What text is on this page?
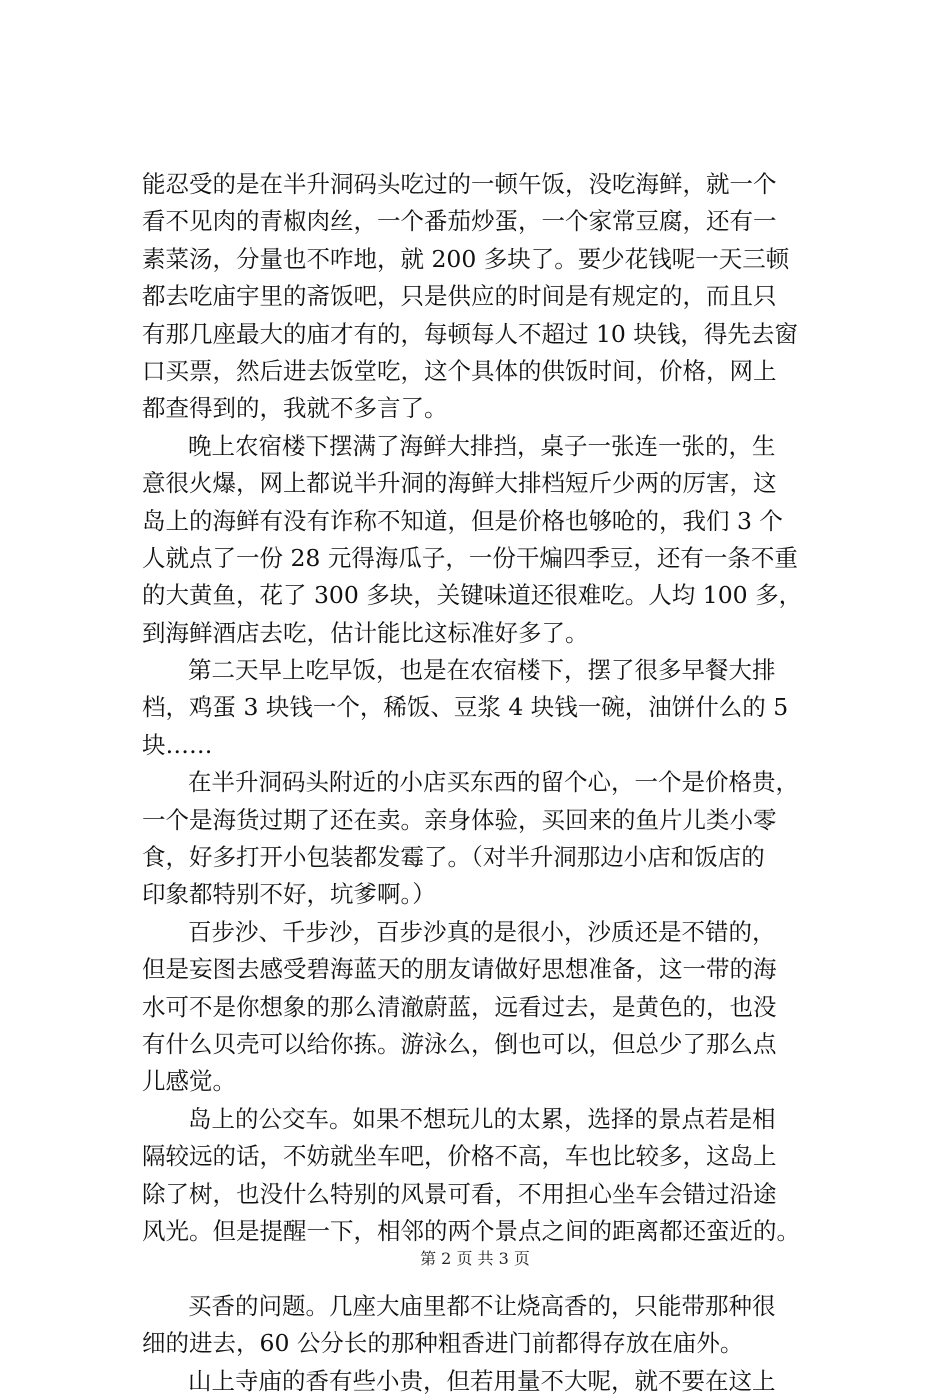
能忍受的是在半升洞码头吃过的一顿午饭，没吃海鲜，就一个
看不见肉的青椒肉丝，一个番茄炒蛋，一个家常豆腐，还有一
素菜汤，分量也不咋地，就 200 多块了。要少花钱呢一天三顿
都去吃庙宇里的斋饭吧，只是供应的时间是有规定的，而且只
有那几座最大的庙才有的，每顿每人不超过 10 块钱，得先去窗
口买票，然后进去饭堂吃，这个具体的供饭时间，价格，网上
都查得到的，我就不多言了。
晚上农宿楼下摆满了海鲜大排挡，桌子一张连一张的，生
意很火爆，网上都说半升洞的海鲜大排档短斤少两的厉害，这
岛上的海鲜有没有诈称不知道，但是价格也够呛的，我们 3 个
人就点了一份 28 元得海瓜子，一份干煸四季豆，还有一条不重
的大黄鱼，花了 300 多块，关键味道还很难吃。人均 100 多，
到海鲜酒店去吃，估计能比这标准好多了。
第二天早上吃早饭，也是在农宿楼下，摆了很多早餐大排
档，鸡蛋 3 块钱一个，稀饭、豆浆 4 块钱一碗，油饼什么的 5
块……
在半升洞码头附近的小店买东西的留个心，一个是价格贵，
一个是海货过期了还在卖。亲身体验，买回来的鱼片儿类小零
食，好多打开小包装都发霉了。（对半升洞那边小店和饭店的
印象都特别不好，坑爹啊。）
百步沙、千步沙，百步沙真的是很小，沙质还是不错的，
但是妄图去感受碧海蓝天的朋友请做好思想准备，这一带的海
水可不是你想象的那么清澈蔚蓝，远看过去，是黄色的，也没
有什么贝壳可以给你拣。游泳么，倒也可以，但总少了那么点
儿感觉。
岛上的公交车。如果不想玩儿的太累，选择的景点若是相
隔较远的话，不妨就坐车吧，价格不高，车也比较多，这岛上
除了树，也没什么特别的风景可看，不用担心坐车会错过沿途
风光。但是提醒一下，相邻的两个景点之间的距离都还蛮近的。
买香的问题。几座大庙里都不让烧高香的，只能带那种很
细的进去，60 公分长的那种粗香进门前都得存放在庙外。
山上寺庙的香有些小贵，但若用量不大呢，就不要在这上
第 2 页 共 3 页
